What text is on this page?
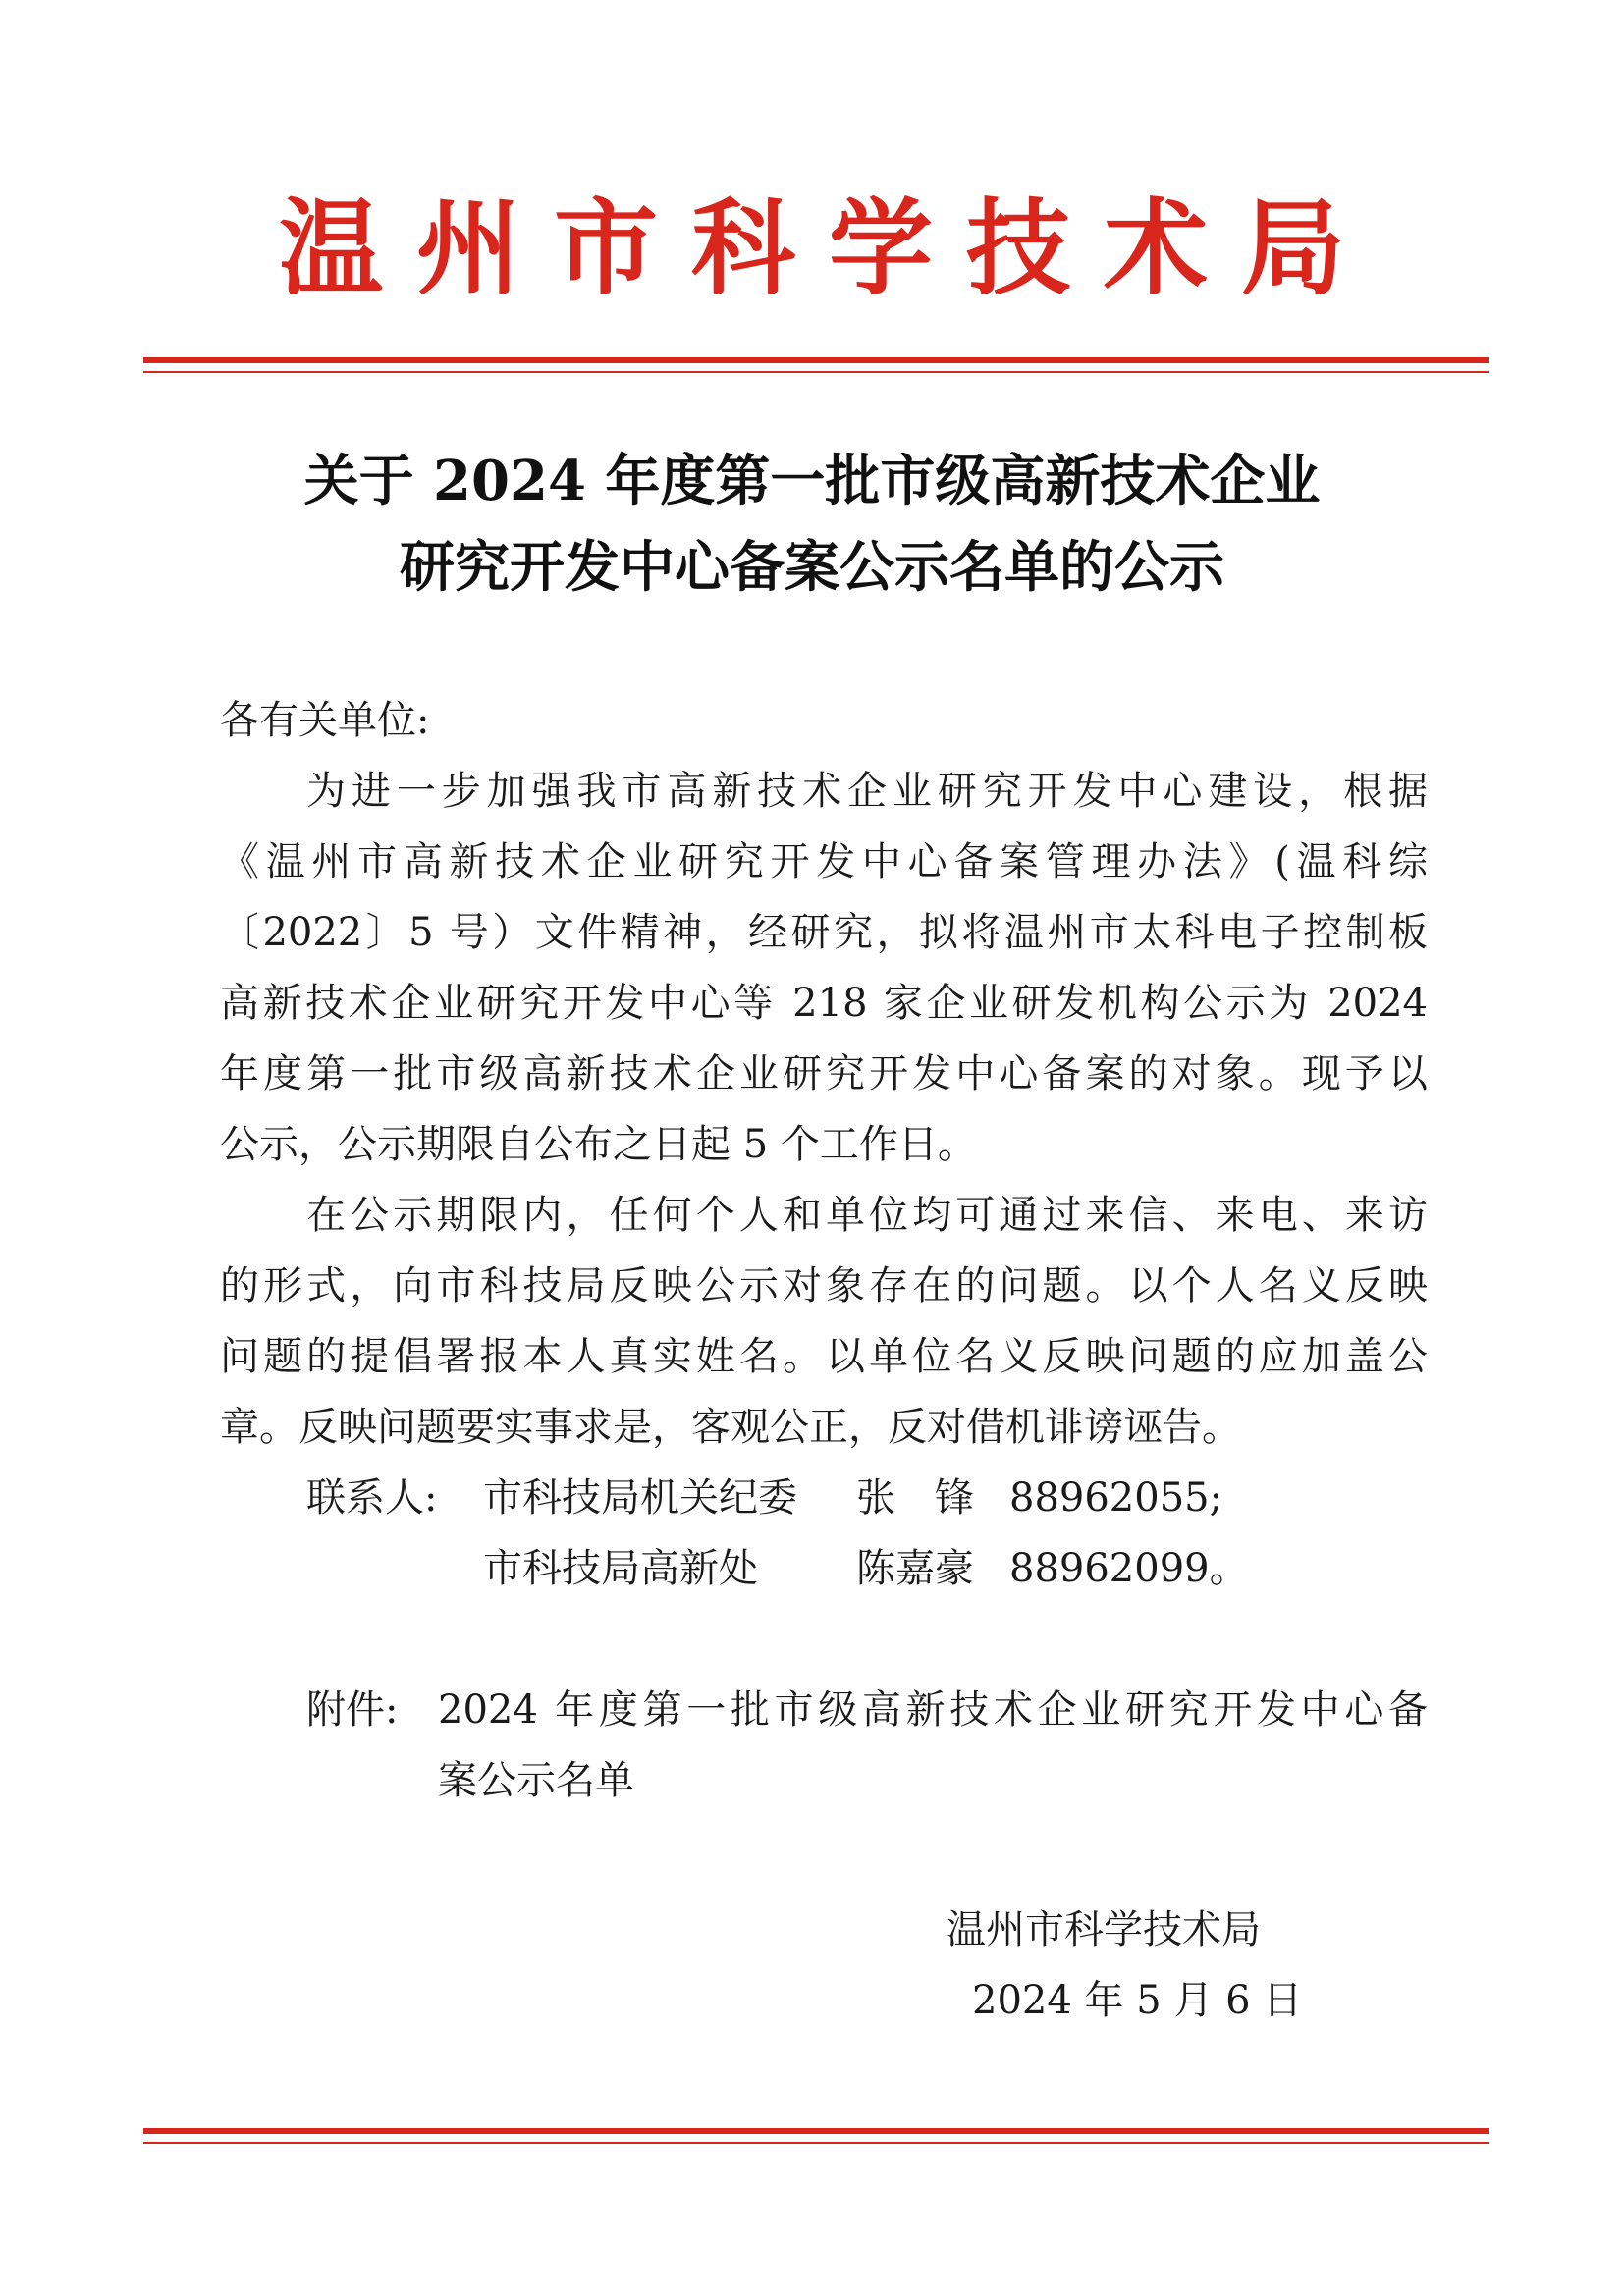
温州市科学技术局
关于 2024 年度第一批市级高新技术企业
研究开发中心备案公示名单的公示
各有关单位:
为进一步加强我市高新技术企业研究开发中心建设，根据
《温州市高新技术企业研究开发中心备案管理办法》(温科综
〔2022〕5 号）文件精神，经研究，拟将温州市太科电子控制板
高新技术企业研究开发中心等 218 家企业研发机构公示为 2024
年度第一批市级高新技术企业研究开发中心备案的对象。现予以
公示，公示期限自公布之日起 5 个工作日。
在公示期限内，任何个人和单位均可通过来信、来电、来访
的形式，向市科技局反映公示对象存在的问题。以个人名义反映
问题的提倡署报本人真实姓名。以单位名义反映问题的应加盖公
章。反映问题要实事求是，客观公正，反对借机诽谤诬告。
联系人: 市科技局机关纪委 张　锋 88962055;
市科技局高新处	陈嘉豪 88962099。
附件: 2024 年度第一批市级高新技术企业研究开发中心备
案公示名单
温州市科学技术局
2024 年 5 月 6 日
